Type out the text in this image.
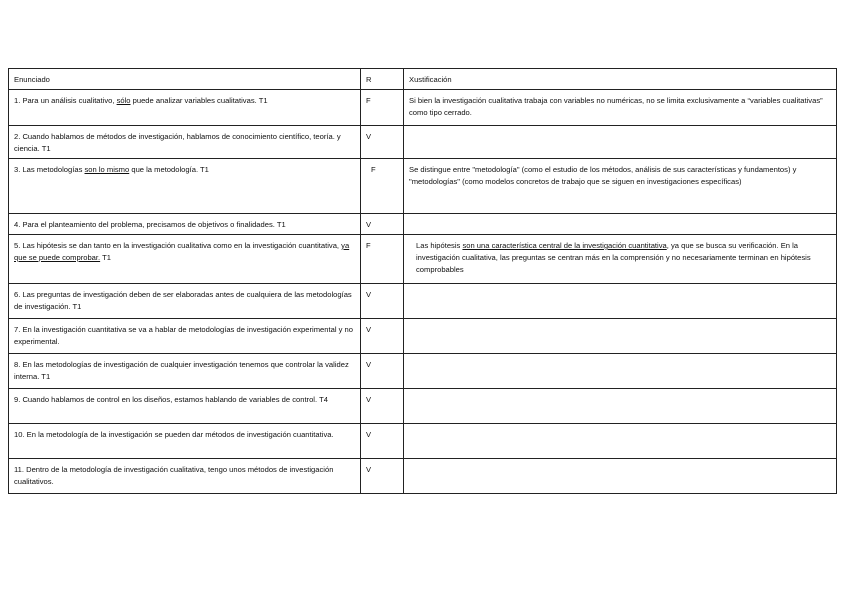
Enunciado	R	Xustificación
1. Para un análisis cualitativo, sólo puede analizar variables cualitativas. T1	F	Si bien la investigación cualitativa trabaja con variables no numéricas, no se limita exclusivamente a “variables cualitativas” como tipo cerrado.
2. Cuando hablamos de métodos de investigación, hablamos de conocimiento científico, teoría. y ciencia. T1	V	
3. Las metodologías son lo mismo que la metodología. T1	F	Se distingue entre "metodología" (como el estudio de los métodos, análisis de sus características y fundamentos) y "metodologías" (como modelos concretos de trabajo que se siguen en investigaciones específicas)
4. Para el planteamiento del problema, precisamos de objetivos o finalidades. T1	V	
5. Las hipótesis se dan tanto en la investigación cualitativa como en la investigación cuantitativa, ya que se puede comprobar. T1	F	Las hipótesis son una característica central de la investigación cuantitativa, ya que se busca su verificación. En la investigación cualitativa, las preguntas se centran más en la comprensión y no necesariamente terminan en hipótesis comprobables
6. Las preguntas de investigación deben de ser elaboradas antes de cualquiera de las metodologías de investigación. T1	V	
7. En la investigación cuantitativa se va a hablar de metodologías de investigación experimental y no experimental.	V	
8. En las metodologías de investigación de cualquier investigación tenemos que controlar la validez interna. T1	V	
9. Cuando hablamos de control en los diseños, estamos hablando de variables de control. T4	V	
10. En la metodología de la investigación se pueden dar métodos de investigación cuantitativa.	V	
11. Dentro de la metodología de investigación cualitativa, tengo unos métodos de investigación cualitativos.	V	
